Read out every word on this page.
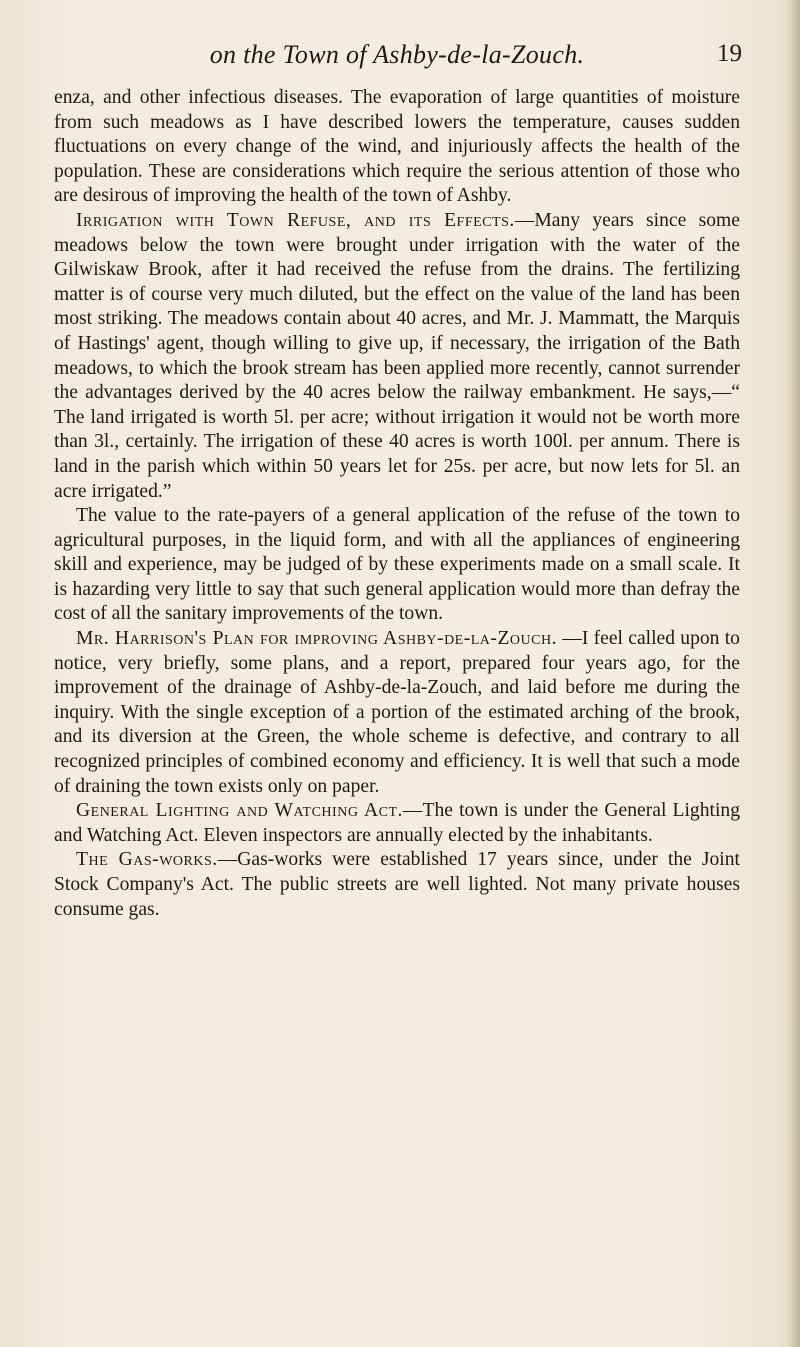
on the Town of Ashby-de-la-Zouch.	19

enza, and other infectious diseases. The evaporation of large quantities of moisture from such meadows as I have described lowers the temperature, causes sudden fluctuations on every change of the wind, and injuriously affects the health of the population. These are considerations which require the serious attention of those who are desirous of improving the health of the town of Ashby.

Irrigation with Town Refuse, and its Effects.—Many years since some meadows below the town were brought under irrigation with the water of the Gilwiskaw Brook, after it had received the refuse from the drains. The fertilizing matter is of course very much diluted, but the effect on the value of the land has been most striking. The meadows contain about 40 acres, and Mr. J. Mammatt, the Marquis of Hastings' agent, though willing to give up, if necessary, the irrigation of the Bath meadows, to which the brook stream has been applied more recently, cannot surrender the advantages derived by the 40 acres below the railway embankment. He says,—“ The land irrigated is worth 5l. per acre; without irrigation it would not be worth more than 3l., certainly. The irrigation of these 40 acres is worth 100l. per annum. There is land in the parish which within 50 years let for 25s. per acre, but now lets for 5l. an acre irrigated.”

The value to the rate-payers of a general application of the refuse of the town to agricultural purposes, in the liquid form, and with all the appliances of engineering skill and experience, may be judged of by these experiments made on a small scale. It is hazarding very little to say that such general application would more than defray the cost of all the sanitary improvements of the town.

Mr. Harrison's Plan for improving Ashby-de-la-Zouch. —I feel called upon to notice, very briefly, some plans, and a report, prepared four years ago, for the improvement of the drainage of Ashby-de-la-Zouch, and laid before me during the inquiry. With the single exception of a portion of the estimated arching of the brook, and its diversion at the Green, the whole scheme is defective, and contrary to all recognized principles of combined economy and efficiency. It is well that such a mode of draining the town exists only on paper.

General Lighting and Watching Act.—The town is under the General Lighting and Watching Act. Eleven inspectors are annually elected by the inhabitants.

The Gas-works.—Gas-works were established 17 years since, under the Joint Stock Company's Act. The public streets are well lighted. Not many private houses consume gas.
